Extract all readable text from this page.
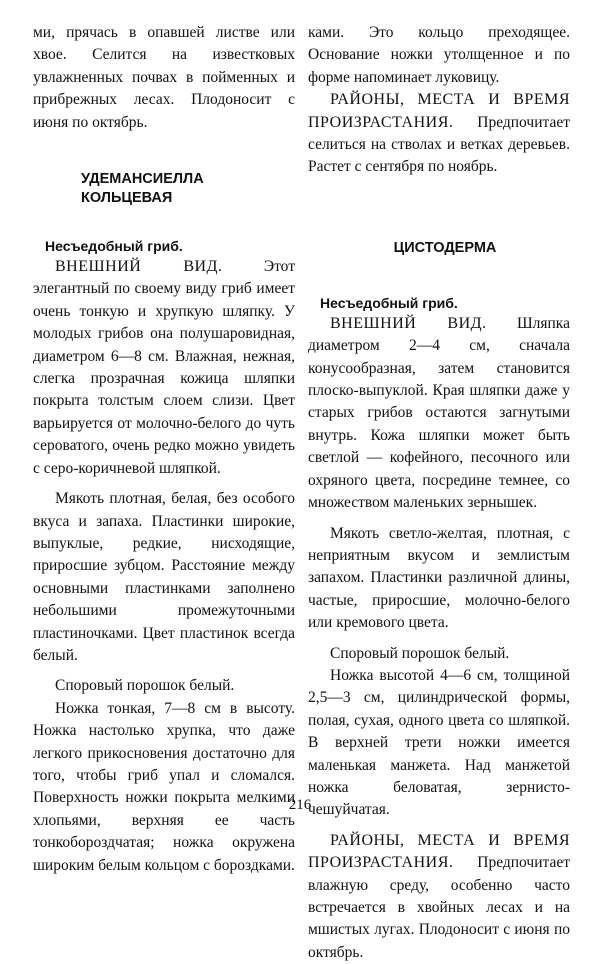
ми, прячась в опавшей листве или хвое. Селится на известковых увлажненных почвах в пойменных и прибрежных лесах. Плодоносит с июня по октябрь.

УДЕМАНСИЕЛЛА
КОЛЬЦЕВАЯ
Несъедобный гриб.

ВНЕШНИЙ ВИД.	Этот элегантный по своему виду гриб имеет очень тонкую и хрупкую шляпку. У молодых грибов она полушаровидная, диаметром 6—8 см. Влажная, нежная, слегка прозрачная кожица шляпки покрыта толстым слоем слизи. Цвет варьируется от молочно-белого до чуть сероватого, очень редко можно увидеть с серо-коричневой шляпкой.

Мякоть плотная, белая, без особого вкуса и запаха. Пластинки широкие, выпуклые, редкие, нисходящие, приросшие зубцом. Расстояние между основными пластинками заполнено небольшими промежуточными пластиночками. Цвет пластинок всегда белый.

Споровый порошок белый.

Ножка тонкая, 7—8 см в высоту. Ножка настолько хрупка, что даже легкого прикосновения достаточно для того, чтобы гриб упал и сломался. Поверхность ножки покрыта мелкими хлопьями, верхняя ее часть тонкобороздчатая; ножка окружена широким белым кольцом с бороздками.

ками. Это кольцо преходящее. Основание ножки утолщенное и по форме напоминает луковицу.

РАЙОНЫ, МЕСТА И ВРЕМЯ ПРОИЗРАСТАНИЯ. Предпочитает селиться на стволах и ветках деревьев. Растет с сентября по ноябрь.

ЦИСТОДЕРМА
Несъедобный гриб.

ВНЕШНИЙ ВИД. Шляпка диаметром 2—4 см, сначала конусообразная, затем становится плоско-выпуклой. Края шляпки даже у старых грибов остаются загнутыми внутрь. Кожа шляпки может быть светлой — кофейного, песочного или охряного цвета, посредине темнее, со множеством маленьких зернышек.

Мякоть светло-желтая, плотная, с неприятным вкусом и землистым запахом. Пластинки различной длины, частые, приросшие, молочно-белого или кремового цвета.

Споровый порошок белый.

Ножка высотой 4—6 см, толщиной 2,5—3 см, цилиндрической формы, полая, сухая, одного цвета со шляпкой. В верхней трети ножки имеется маленькая манжета. Над манжетой ножка беловатая, зернисто-чешуйчатая.

РАЙОНЫ, МЕСТА И ВРЕМЯ ПРОИЗРАСТАНИЯ. Предпочитает влажную среду, особенно часто встречается в хвойных лесах и на мшистых лугах. Плодоносит с июня по октябрь.

216
